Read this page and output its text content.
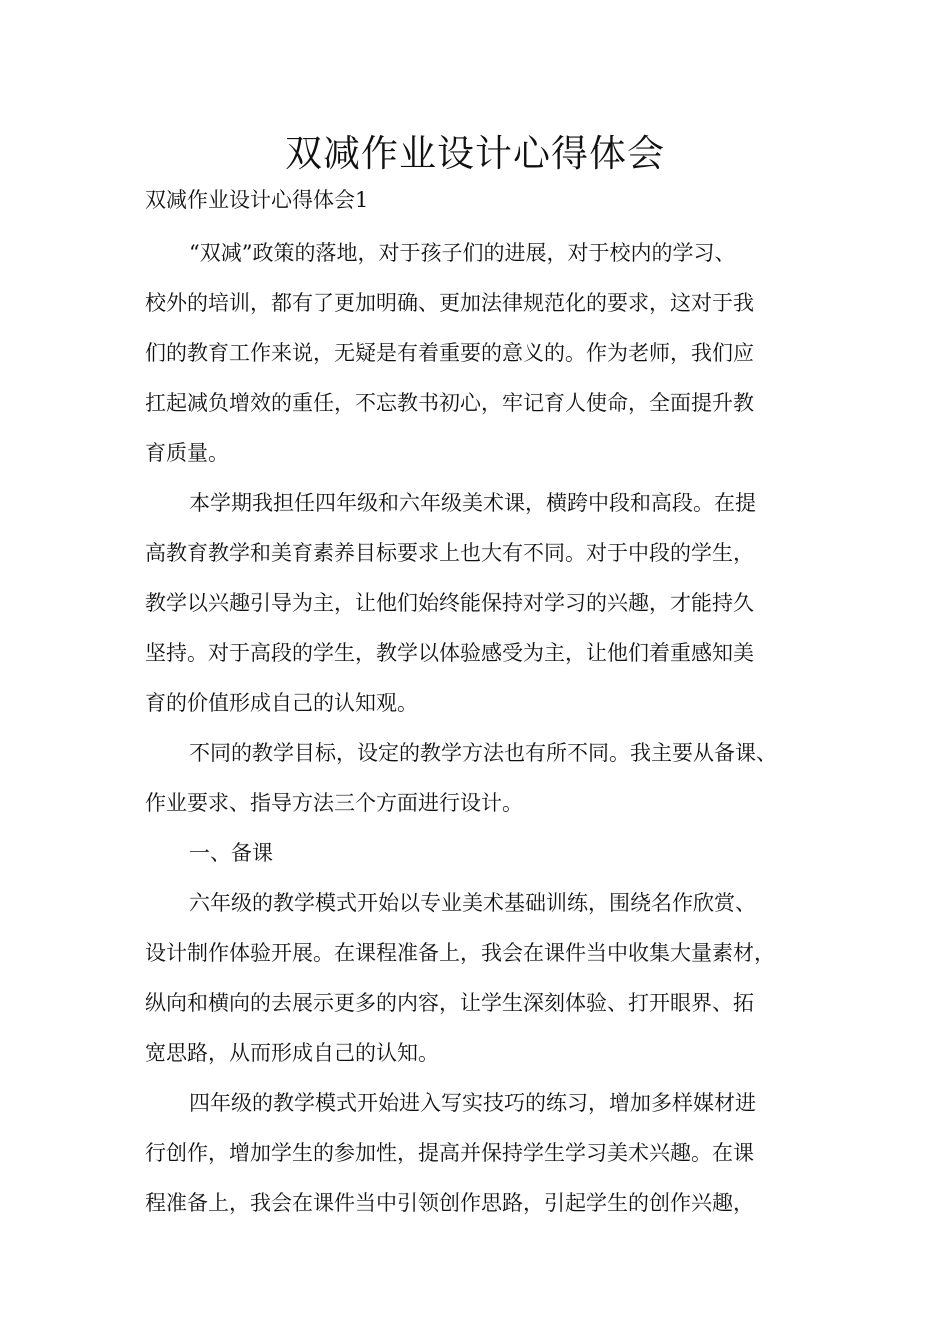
双减作业设计心得体会

双减作业设计心得体会1

“双减”政策的落地，对于孩子们的进展，对于校内的学习、

校外的培训，都有了更加明确、更加法律规范化的要求，这对于我

们的教育工作来说，无疑是有着重要的意义的。作为老师，我们应

扛起减负增效的重任，不忘教书初心，牢记育人使命，全面提升教

育质量。

本学期我担任四年级和六年级美术课，横跨中段和高段。在提

高教育教学和美育素养目标要求上也大有不同。对于中段的学生，

教学以兴趣引导为主，让他们始终能保持对学习的兴趣，才能持久

坚持。对于高段的学生，教学以体验感受为主，让他们着重感知美

育的价值形成自己的认知观。

不同的教学目标，设定的教学方法也有所不同。我主要从备课、

作业要求、指导方法三个方面进行设计。

一、备课

六年级的教学模式开始以专业美术基础训练，围绕名作欣赏、

设计制作体验开展。在课程准备上，我会在课件当中收集大量素材，

纵向和横向的去展示更多的内容，让学生深刻体验、打开眼界、拓

宽思路，从而形成自己的认知。

四年级的教学模式开始进入写实技巧的练习，增加多样媒材进

行创作，增加学生的参加性，提高并保持学生学习美术兴趣。在课

程准备上，我会在课件当中引领创作思路，引起学生的创作兴趣，
